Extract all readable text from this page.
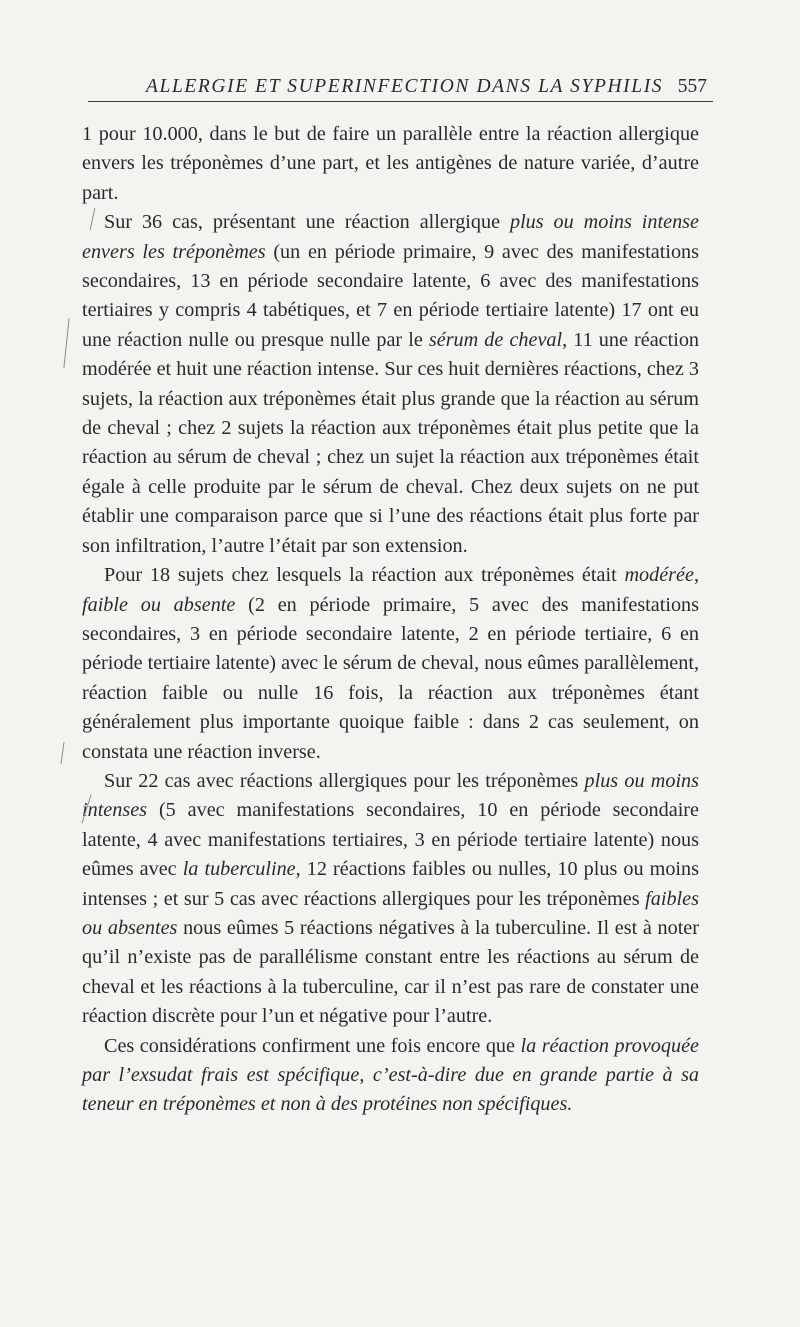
ALLERGIE ET SUPERINFECTION DANS LA SYPHILIS 557

1 pour 10.000, dans le but de faire un parallèle entre la réaction allergique envers les tréponèmes d’une part, et les antigènes de nature variée, d’autre part.

Sur 36 cas, présentant une réaction allergique plus ou moins intense envers les tréponèmes (un en période primaire, 9 avec des manifestations secondaires, 13 en période secondaire latente, 6 avec des manifestations tertiaires y compris 4 tabétiques, et 7 en période tertiaire latente) 17 ont eu une réaction nulle ou presque nulle par le sérum de cheval, 11 une réaction modérée et huit une réaction intense. Sur ces huit dernières réactions, chez 3 sujets, la réaction aux tréponèmes était plus grande que la réaction au sérum de cheval ; chez 2 sujets la réaction aux tréponèmes était plus petite que la réaction au sérum de cheval ; chez un sujet la réaction aux tréponèmes était égale à celle produite par le sérum de cheval. Chez deux sujets on ne put établir une comparaison parce que si l’une des réactions était plus forte par son infiltration, l’autre l’était par son extension.

Pour 18 sujets chez lesquels la réaction aux tréponèmes était modérée, faible ou absente (2 en période primaire, 5 avec des manifestations secondaires, 3 en période secondaire latente, 2 en période tertiaire, 6 en période tertiaire latente) avec le sérum de cheval, nous eûmes parallèlement, réaction faible ou nulle 16 fois, la réaction aux tréponèmes étant généralement plus importante quoique faible : dans 2 cas seulement, on constata une réaction inverse.

Sur 22 cas avec réactions allergiques pour les tréponèmes plus ou moins intenses (5 avec manifestations secondaires, 10 en période secondaire latente, 4 avec manifestations tertiaires, 3 en période tertiaire latente) nous eûmes avec la tuberculine, 12 réactions faibles ou nulles, 10 plus ou moins intenses ; et sur 5 cas avec réactions allergiques pour les tréponèmes faibles ou absentes nous eûmes 5 réactions négatives à la tuberculine. Il est à noter qu’il n’existe pas de parallélisme constant entre les réactions au sérum de cheval et les réactions à la tuberculine, car il n’est pas rare de constater une réaction discrète pour l’un et négative pour l’autre.

Ces considérations confirment une fois encore que la réaction provoquée par l’exsudat frais est spécifique, c’est-à-dire due en grande partie à sa teneur en tréponèmes et non à des protéines non spécifiques.
